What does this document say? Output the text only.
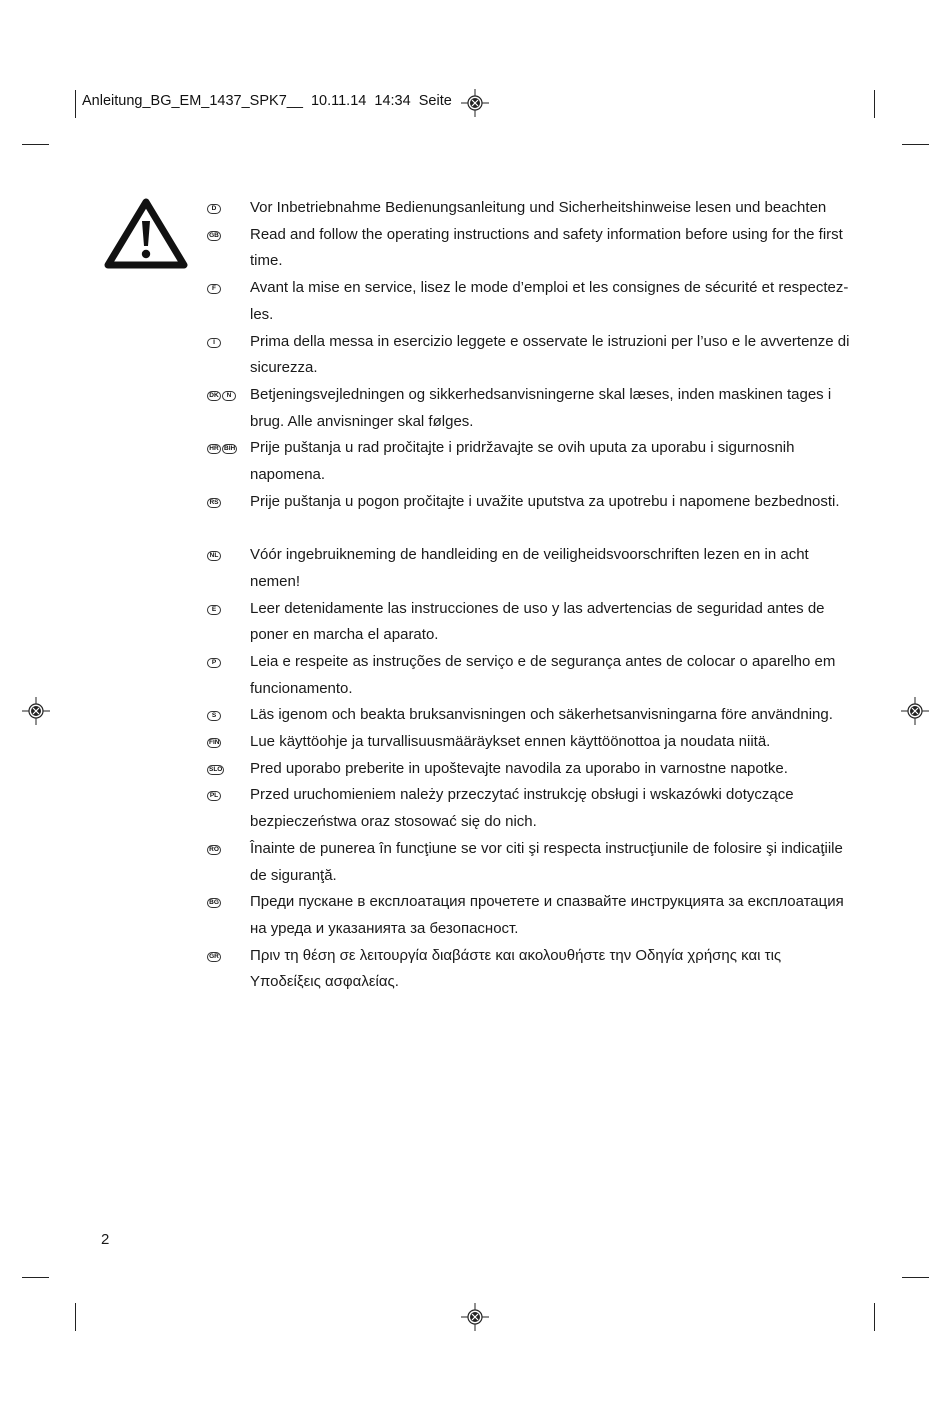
Anleitung_BG_EM_1437_SPK7__ 10.11.14 14:34 Seite
D	Vor Inbetriebnahme Bedienungsanleitung und Sicherheitshinweise lesen und beachten
GB Read and follow the operating instructions and safety information before using for the first time.
F	Avant la mise en service, lisez le mode d’emploi et les consignes de sécurité et respectez-les.
I	Prima della messa in esercizio leggete e osservate le istruzioni per l’uso e le avvertenze di sicurezza.
DK	N	Betjeningsvejledningen og sikkerhedsanvisningerne skal læses, inden maskinen tages i brug. Alle anvisninger skal følges.
HR BIH Prije puštanja u rad pročitajte i pridržavajte se ovih uputa za uporabu i sigurnosnih napomena.
RS Prije puštanja u pogon pročitajte i uvažite uputstva za upotrebu i napomene bezbednosti.
NL Vóór ingebruikneming de handleiding en de veiligheidsvoorschriften lezen en in acht nemen!
E	Leer detenidamente las instrucciones de uso y las advertencias de seguridad antes de poner en marcha el aparato.
P	Leia e respeite as instruções de serviço e de segurança antes de colocar o aparelho em funcionamento.
S	Läs igenom och beakta bruksanvisningen och säkerhetsanvisningarna före användning.
FIN Lue käyttöohje ja turvallisuusmääräykset ennen käyttöönottoa ja noudata niitä.
SLO Pred uporabo preberite in upoštevajte navodila za uporabo in varnostne napotke.
PL Przed uruchomieniem należy przeczytać instrukcję obsługi i wskazówki dotyczące bezpieczeństwa oraz stosować się do nich.
RO Înainte de punerea în funcţiune se vor citi şi respecta instrucţiunile de folosire şi indicaţiile de siguranţă.
BG Преди пускане в експлоатация прочетете и спазвайте инструкцията за експлоатация на уреда и указанията за безопасност.
GR Πριν τη θέση σε λειτουργία διαβάστε και ακολουθήστε την Οδηγία χρήσης και τις Υποδείξεις ασφαλείας.
2
